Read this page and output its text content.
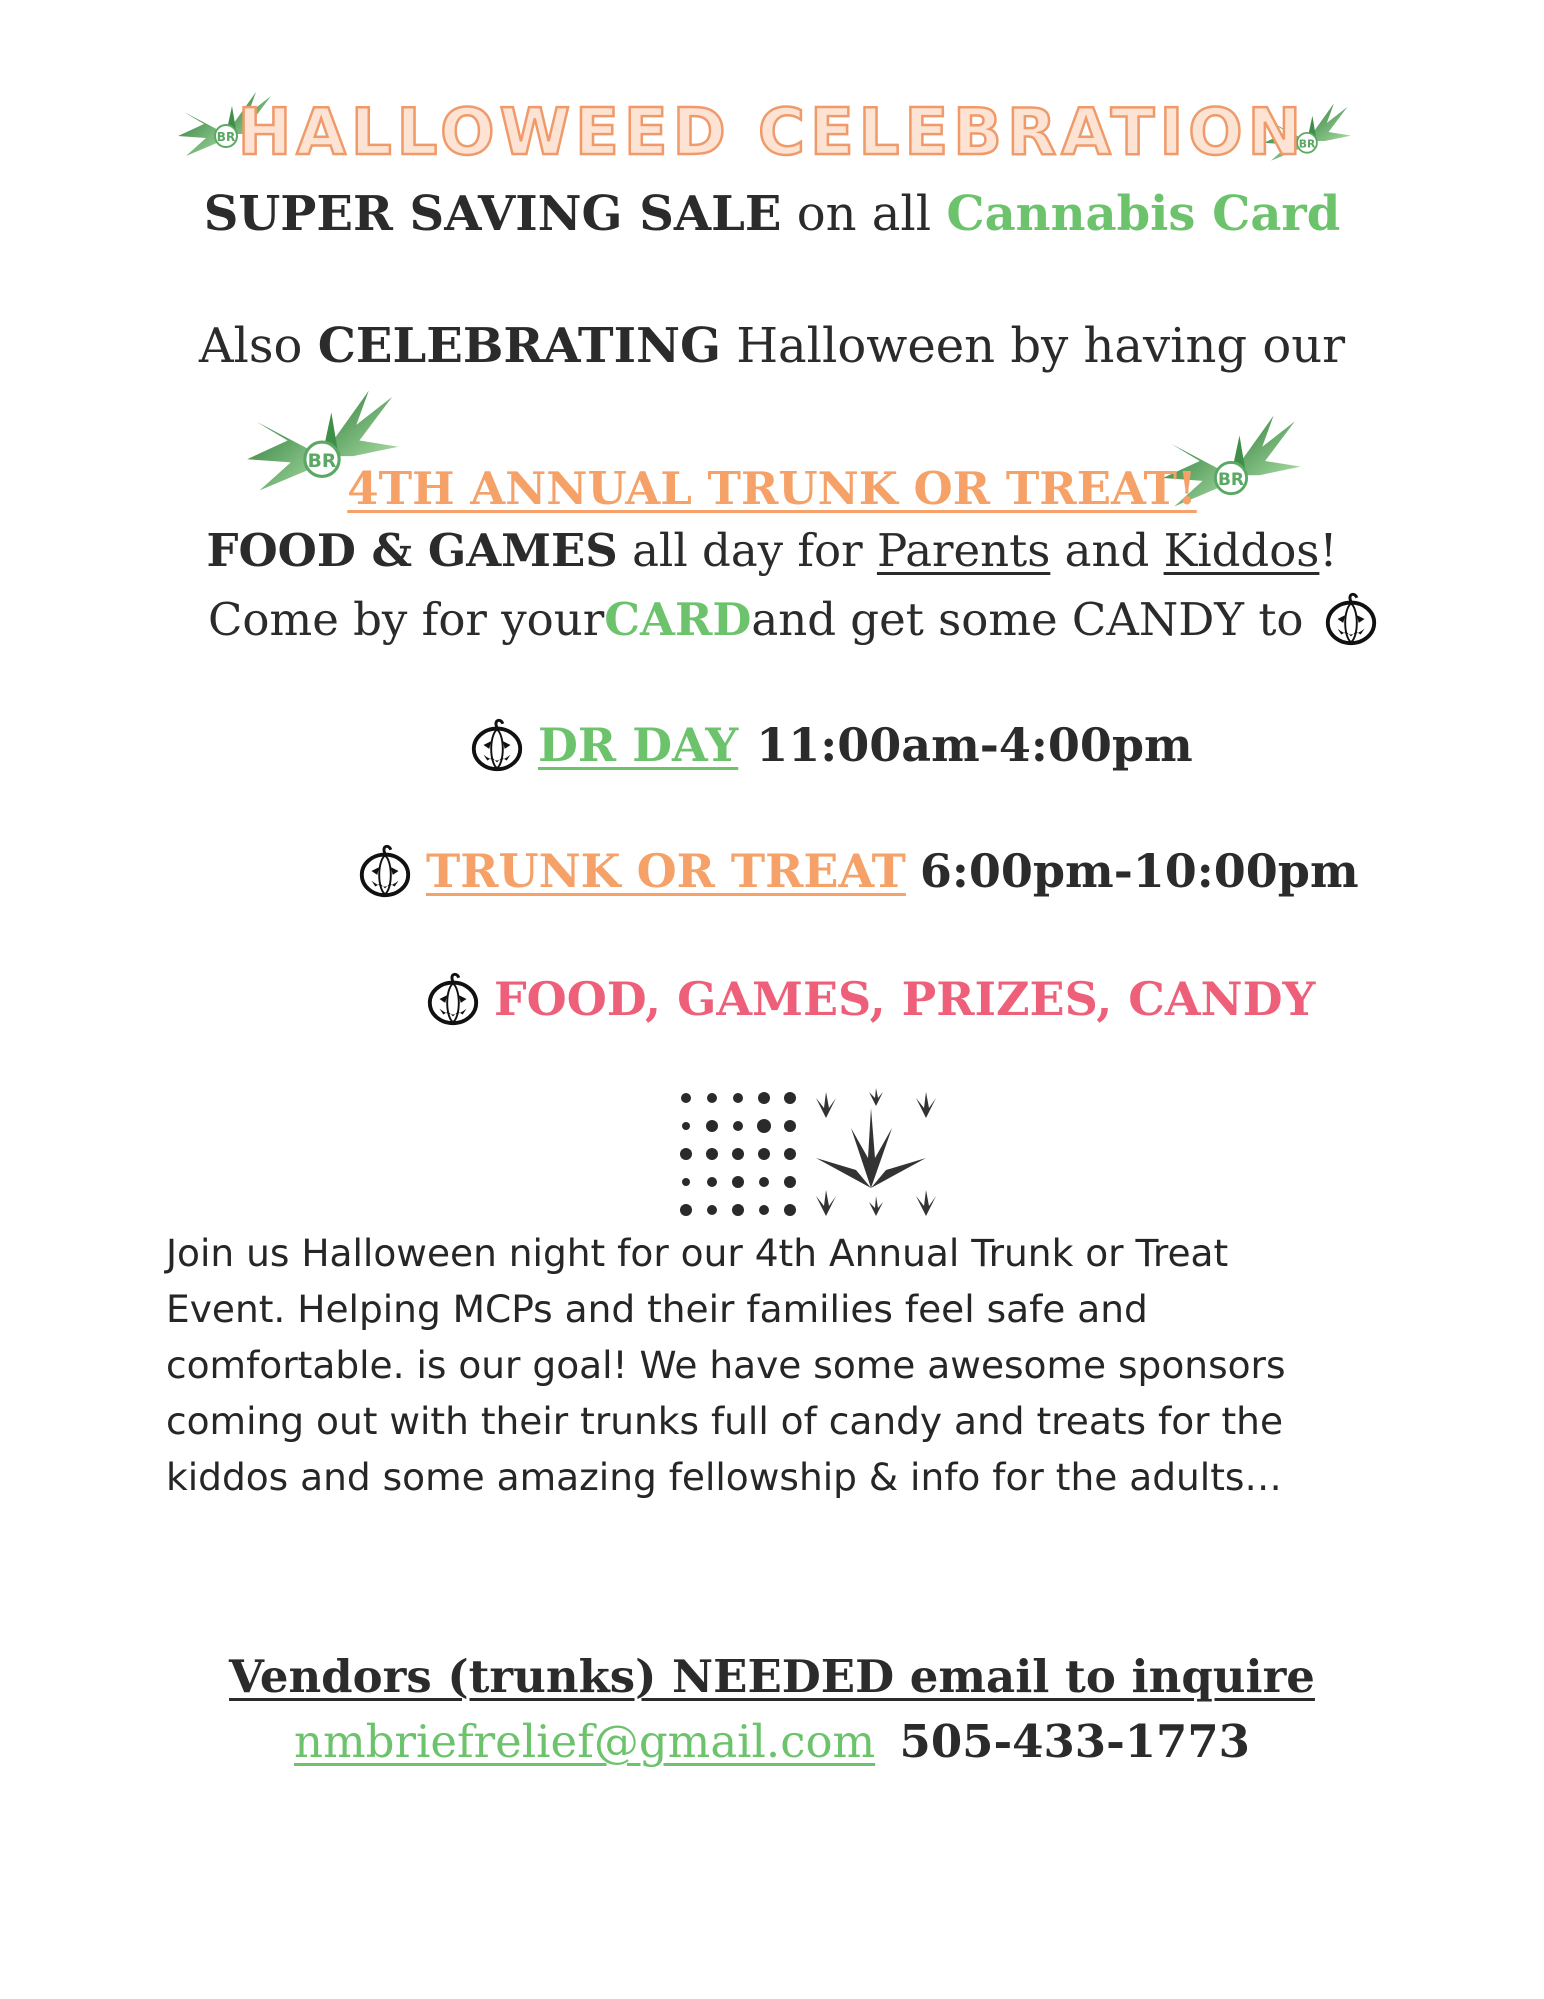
HALLOWEED CELEBRATION
SUPER SAVING SALE on all Cannabis Card
Also CELEBRATING Halloween by having our
4TH ANNUAL TRUNK OR TREAT!
FOOD & GAMES all day for Parents and Kiddos!
Come by for your CARD and get some CANDY to
DR DAY 11:00am-4:00pm
TRUNK OR TREAT 6:00pm-10:00pm
FOOD, GAMES, PRIZES, CANDY
Join us Halloween night for our 4th Annual Trunk or Treat Event. Helping MCPs and their families feel safe and comfortable. is our goal! We have some awesome sponsors coming out with their trunks full of candy and treats for the kiddos and some amazing fellowship & info for the adults…
Vendors (trunks) NEEDED email to inquire
nmbriefrelief@gmail.com 505-433-1773
